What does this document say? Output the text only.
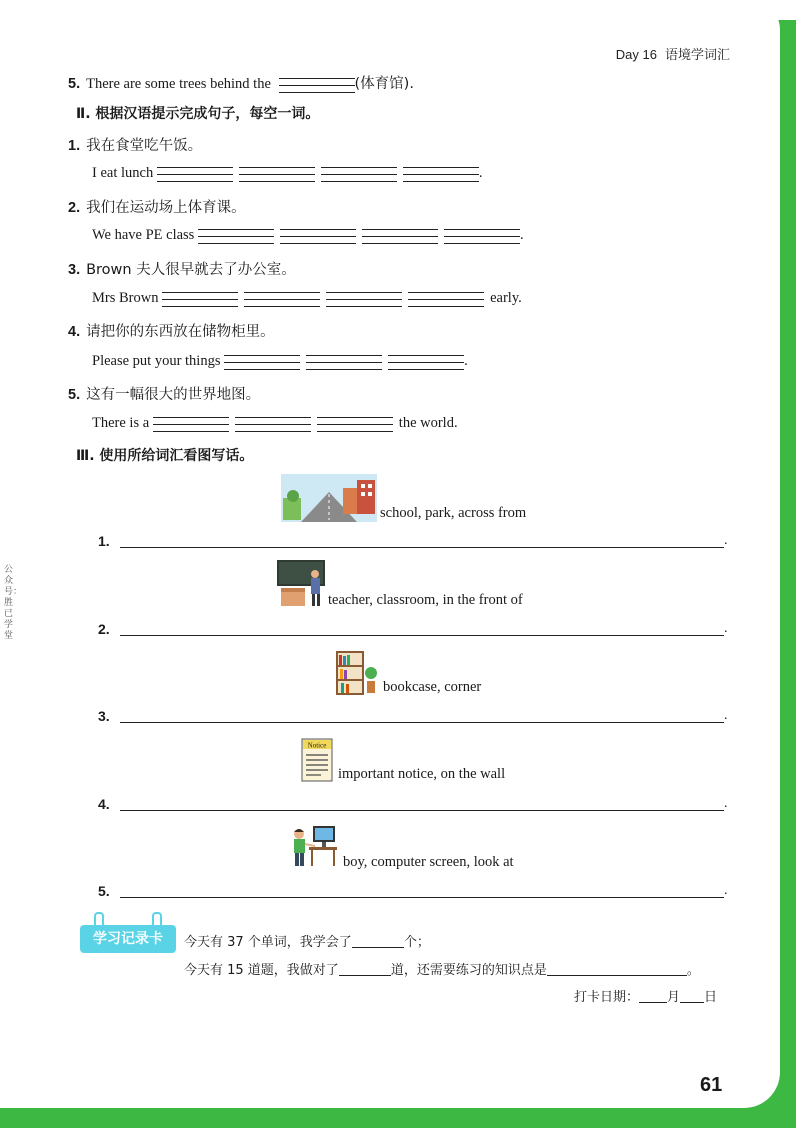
Day 16 语境学词汇
公众号：胜已学堂
5. There are some trees behind the	(体育馆).
Ⅱ. 根据汉语提示完成句子，每空一词。
1. 我在食堂吃午饭。
I eat lunch	.
2. 我们在运动场上体育课。
We have PE class	.
3. Brown 夫人很早就去了办公室。
Mrs Brown	early.
4. 请把你的东西放在储物柜里。
Please put your things	.
5. 这有一幅很大的世界地图。
There is a	the world.
Ⅲ. 使用所给词汇看图写话。
school, park, across from
1.	.
teacher, classroom, in the front of
2.	.
bookcase, corner
3.	.
Notice
important notice, on the wall
4.	.
boy, computer screen, look at
5.	.
学习记录卡	今天有 37 个单词，我学会了	个；
今天有 15 道题，我做对了	道，还需要练习的知识点是	。
打卡日期： 月 日
61
